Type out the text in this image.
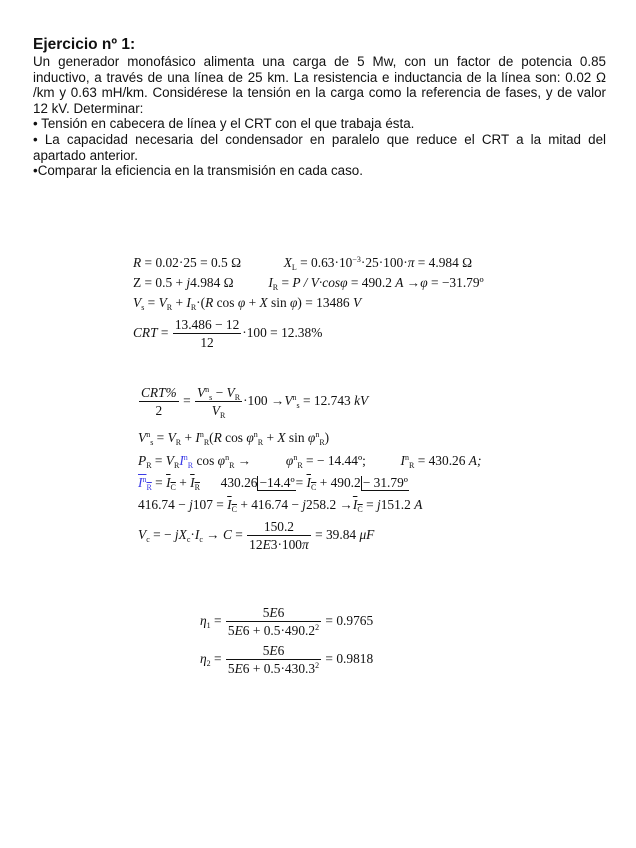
Ejercicio nº 1:

Un generador monofásico alimenta una carga de 5 Mw, con un factor de potencia 0.85 inductivo, a través de una línea de 25 km. La resistencia e inductancia de la línea son: 0.02 Ω /km y 0.63 mH/km. Considérese la tensión en la carga como la referencia de fases, y de valor 12 kV. Determinar:

• Tensión en cabecera de línea y el CRT con el que trabaja ésta.

• La capacidad necesaria del condensador en paralelo que reduce el CRT a la mitad del apartado anterior.

•Comparar la eficiencia en la transmisión en cada caso.

R = 0.02·25 = 0.5 Ω	$X_L = 0.63\cdot 10^{-3}\cdot 25\cdot 100\cdot\pi = 4.984$ Ω
Z = 0.5 + j4.984 Ω	$I_R = P / V\cdot\cos\varphi = 490.2$ A →φ = −31.79º
$V_s = V_R + I_R\cdot(R$ cos φ + X sin φ) = 13486 V
CRT = $\frac{13.486 - 12}{12} \cdot 100 = 12.38\%$
$\frac{\text{CRT\%}}{2} = \frac{V^n_s - V_R}{V_R} \cdot 100 \to V^n_s = 12.743$ kV
$V^n_s = V_R + I^n_R(R$ $\cos \varphi^n_R + X$ $\sin \varphi^n_R$)
$P_R = V_RI^n_R$ $\cos \varphi^n_R$ →	$\varphi^n_R$ = − 14.44º;	$I^n_R = 430.26$ A;
$I^n_R = I_C + I_R$ 430.26 −14.4º= $I_C + 490.2$ − 31.79º
$416.74 - j107 = I_C + 416.74 - j258.2 \to I_C = j151.2$ A
$V_c$ = − $jX_c\cdot I_c \to C = \frac{150.2}{12E3\cdot 100\pi} = 39.84$ μF
$\eta_1 = \frac{5E6}{5E6 + 0.5\cdot 490.2^2} = 0.9765$
$\eta_2 = \frac{5E6}{5E6 + 0.5\cdot 430.3^2} = 0.9818$
